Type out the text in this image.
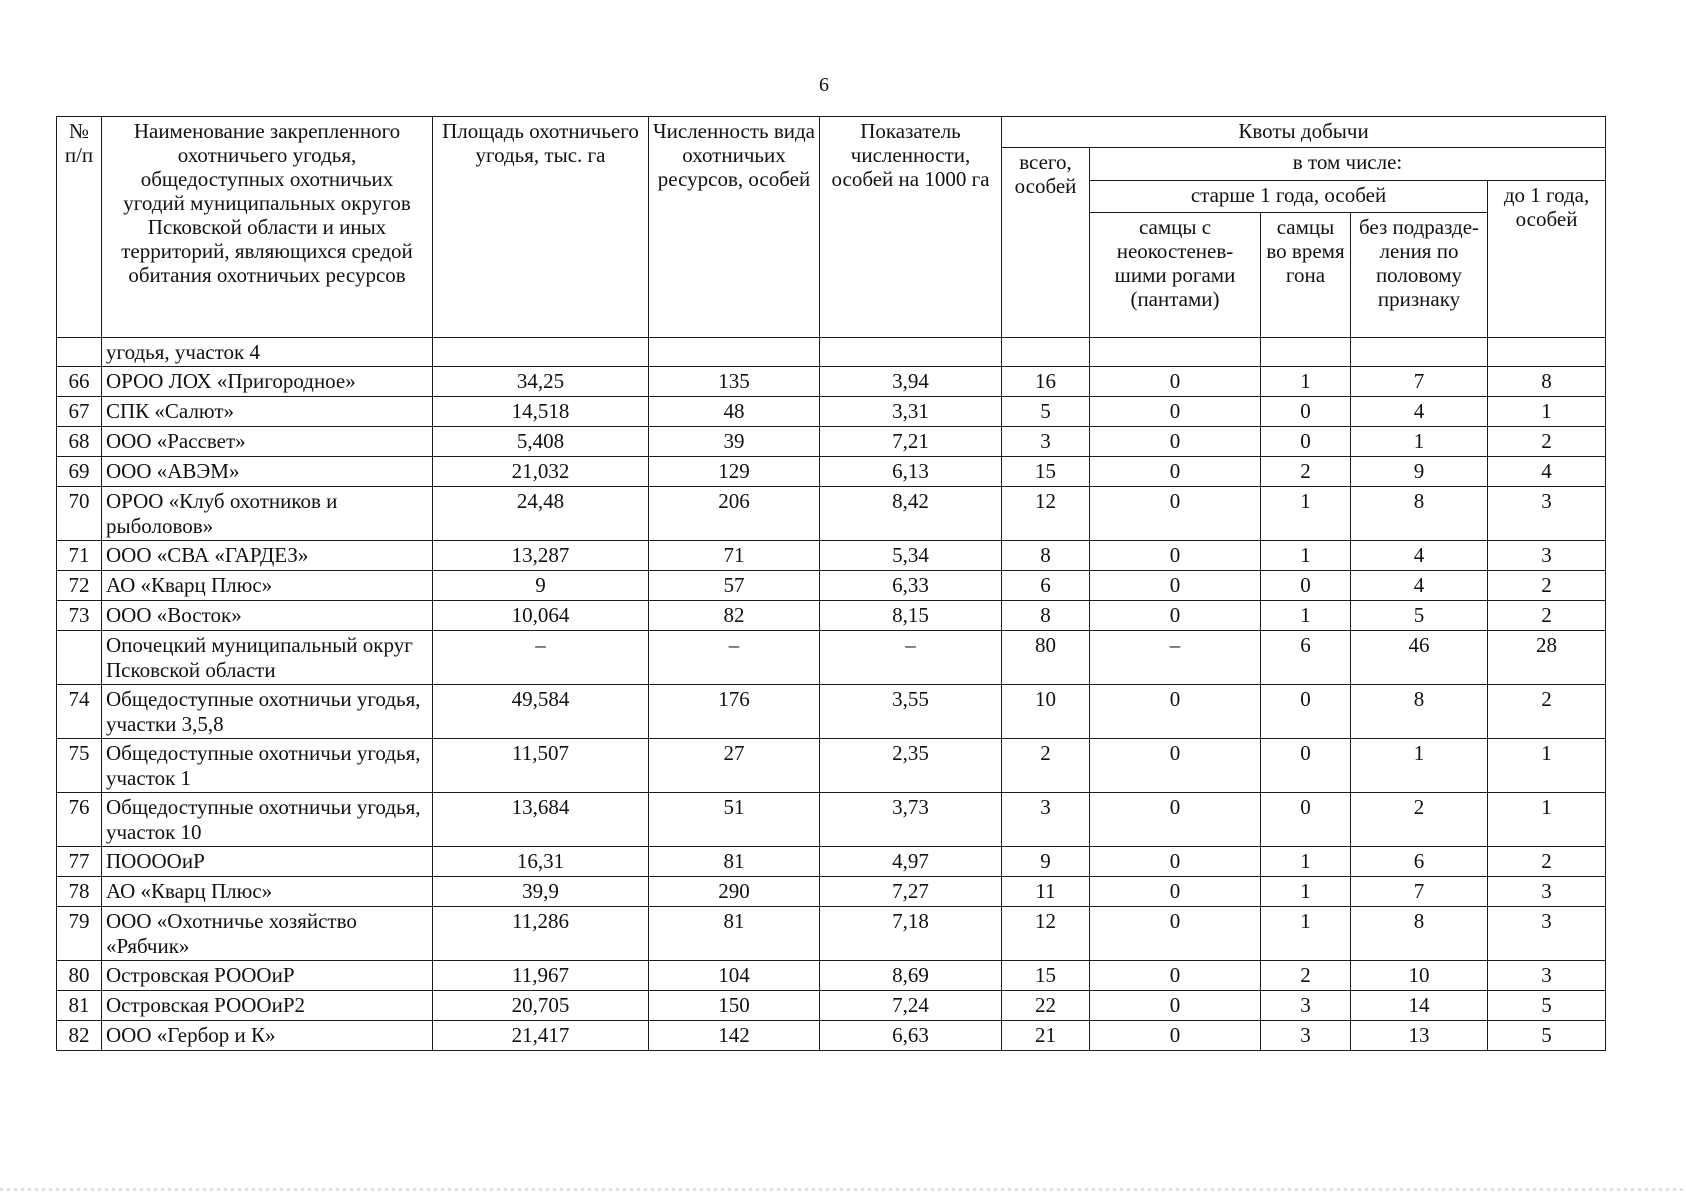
6
№ п/п	Наименование закрепленного охотничьего угодья, общедоступных охотничьих угодий муниципальных округов Псковской области и иных территорий, являющихся средой обитания охотничьих ресурсов	Площадь охотничьего угодья, тыс. га	Численность вида охотничьих ресурсов, особей	Показатель численности, особей на 1000 га	Квоты добычи				
					всего, особей	в том числе:			
						старше 1 года, особей			до 1 года, особей
						самцы с неокостенев-шими рогами (пантами)	самцы во время гона	без подразде-ления по половому признаку	
	угодья, участок 4								
66	ОРОО ЛОХ «Пригородное»	34,25	135	3,94	16	0	1	7	8
67	СПК «Салют»	14,518	48	3,31	5	0	0	4	1
68	ООО «Рассвет»	5,408	39	7,21	3	0	0	1	2
69	ООО «АВЭМ»	21,032	129	6,13	15	0	2	9	4
70	ОРОО «Клуб охотников и рыболовов»	24,48	206	8,42	12	0	1	8	3
71	ООО «СВА «ГАРДЕЗ»	13,287	71	5,34	8	0	1	4	3
72	АО «Кварц Плюс»	9	57	6,33	6	0	0	4	2
73	ООО «Восток»	10,064	82	8,15	8	0	1	5	2
	Опочецкий муниципальный округ Псковской области	–	–	–	80	–	6	46	28
74	Общедоступные охотничьи угодья, участки 3,5,8	49,584	176	3,55	10	0	0	8	2
75	Общедоступные охотничьи угодья, участок 1	11,507	27	2,35	2	0	0	1	1
76	Общедоступные охотничьи угодья, участок 10	13,684	51	3,73	3	0	0	2	1
77	ПООООиР	16,31	81	4,97	9	0	1	6	2
78	АО «Кварц Плюс»	39,9	290	7,27	11	0	1	7	3
79	ООО «Охотничье хозяйство «Рябчик»	11,286	81	7,18	12	0	1	8	3
80	Островская РОООиР	11,967	104	8,69	15	0	2	10	3
81	Островская РОООиР2	20,705	150	7,24	22	0	3	14	5
82	ООО «Гербор и К»	21,417	142	6,63	21	0	3	13	5
